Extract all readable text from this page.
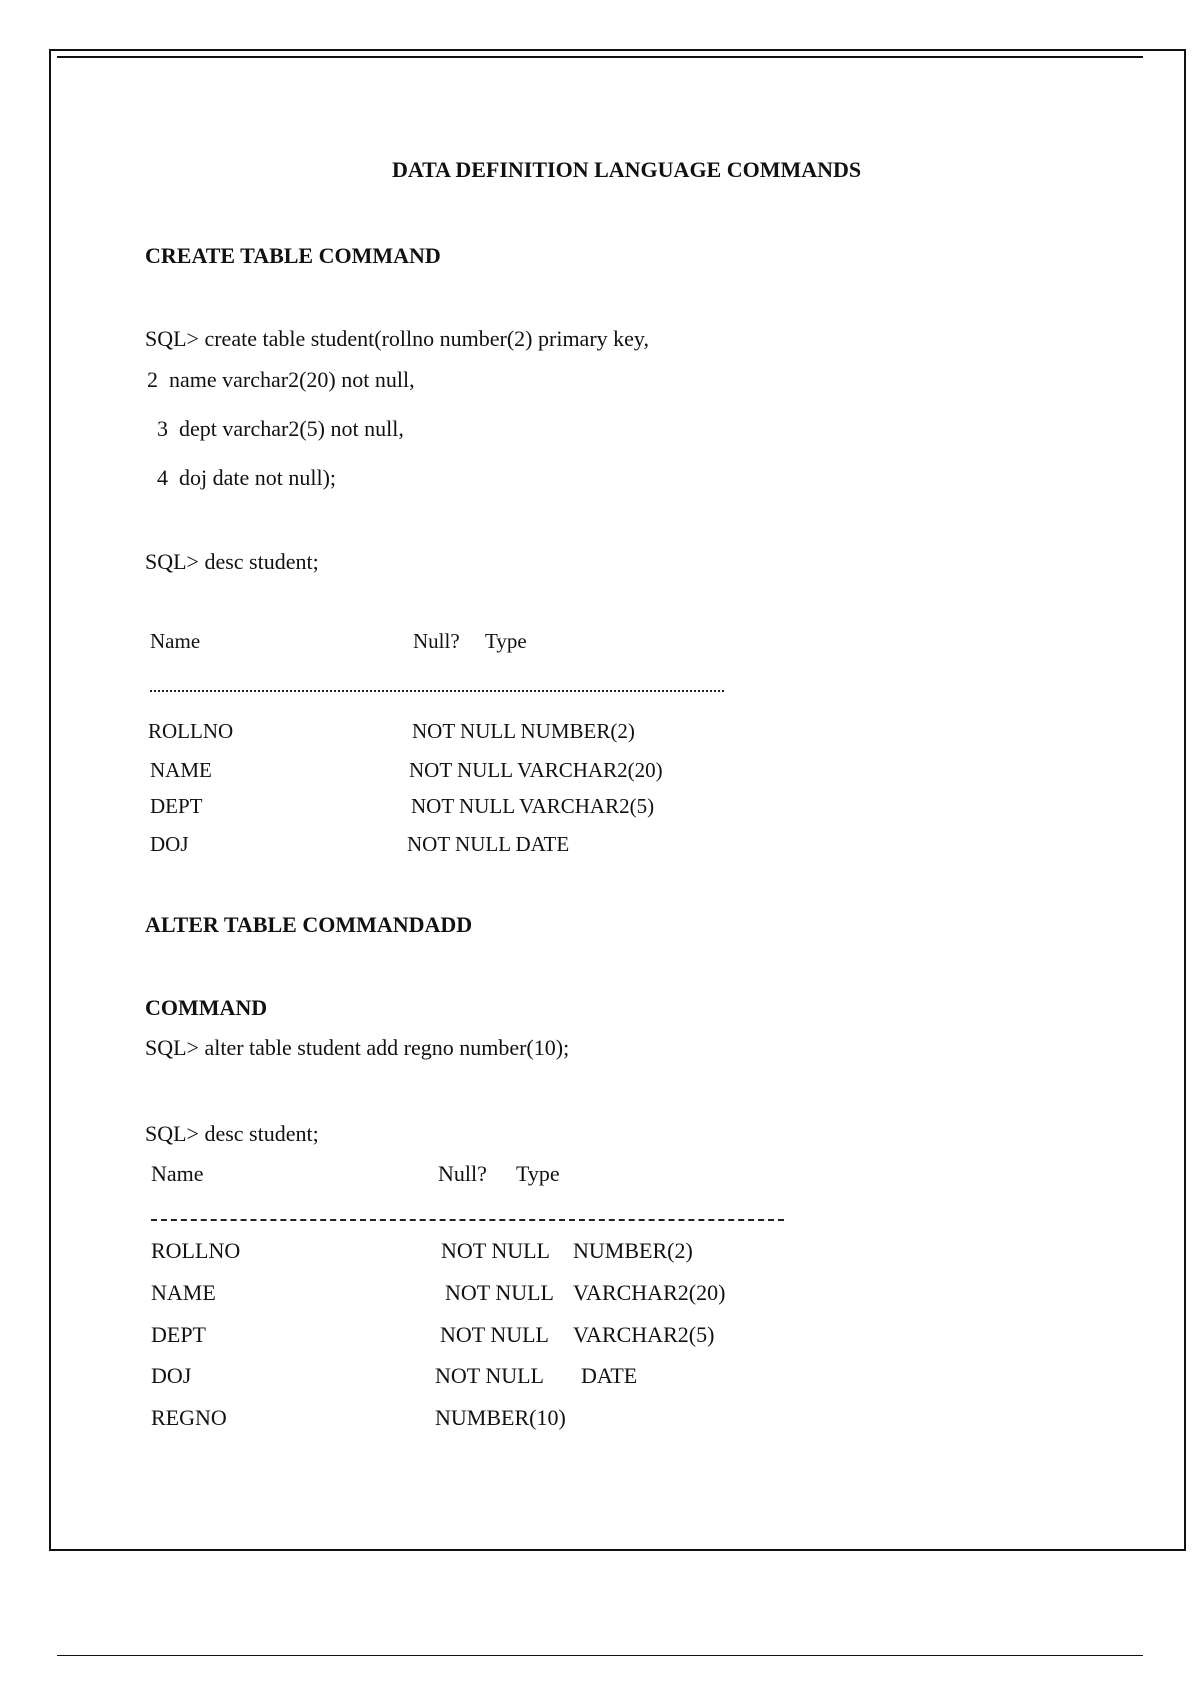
DATA DEFINITION LANGUAGE COMMANDS
CREATE TABLE COMMAND
SQL> create table student(rollno number(2) primary key,
2  name varchar2(20) not null,
3  dept varchar2(5) not null,
4  doj date not null);
SQL> desc student;
Name	Null? Type
ROLLNO	NOT NULL NUMBER(2)
NAME	NOT NULL VARCHAR2(20)
DEPT	NOT NULL VARCHAR2(5)
DOJ	NOT NULL DATE
ALTER TABLE COMMANDADD
COMMAND
SQL> alter table student add regno number(10);
SQL> desc student;
Name	Null? Type
ROLLNO	NOT NULL NUMBER(2)
NAME	NOT NULL VARCHAR2(20)
DEPT	NOT NULL VARCHAR2(5)
DOJ	NOT NULL DATE
REGNO	NUMBER(10)
